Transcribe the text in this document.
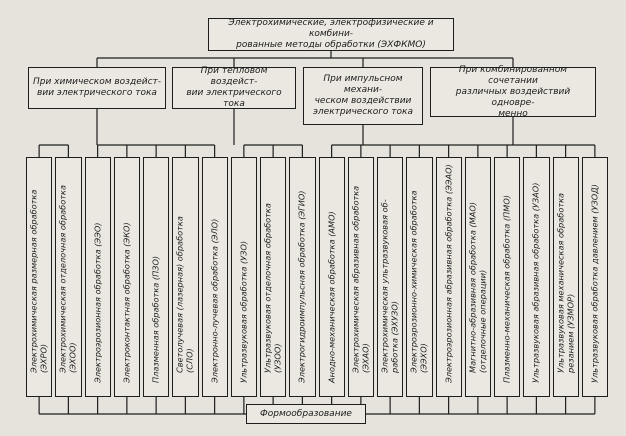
Электрохимические, электрофизические и комбини-
рованные методы обработки (ЭХФКМО)
При химическом воздейст-
вии электрического тока
При тепловом воздейст-
вии электрического тока
При импульсном механи-
ческом воздействии
электрического тока
При комбинированном сочетании
различных воздействий одновре-
менно
Электрохимическая размерная обработка (ЭХРО) Электрохимическая отделочная обработка (ЭХОО) Электроэрозионная обработка (ЭЭО) Электроконтактная обработка (ЭКО) Плазменная обработка (ПЗО) Светолучевая (лазерная) обработка (СЛО) Электронно-лучевая обработка (ЭЛО) Ультразвуковая обработка (УЗО) Ультразвуковая отделочная обработка (УЗОО) Электрогидроимпульсная обработка (ЭГИО) Анодно-механическая обработка (АМО) Электрохимическая абразивная обработка (ЭХАО) Электрохимическая ультразвуковая об- работка (ЭХУЗО) Электроэрозионно-химическая обработка (ЭЭХО) Электроэрозионная абразивная обработка (ЭЭАО) Магнитно-абразивная обработка (МАО) (отделочные операции) Плазменно-механическая обработка (ПМО) Ультразвуковая абразивная обработка (УЗАО) Ультразвуковая механическая обработка резанием (УЗМОР) Ультразвуковая обработка давлением (УЗОД)
Формообразование
